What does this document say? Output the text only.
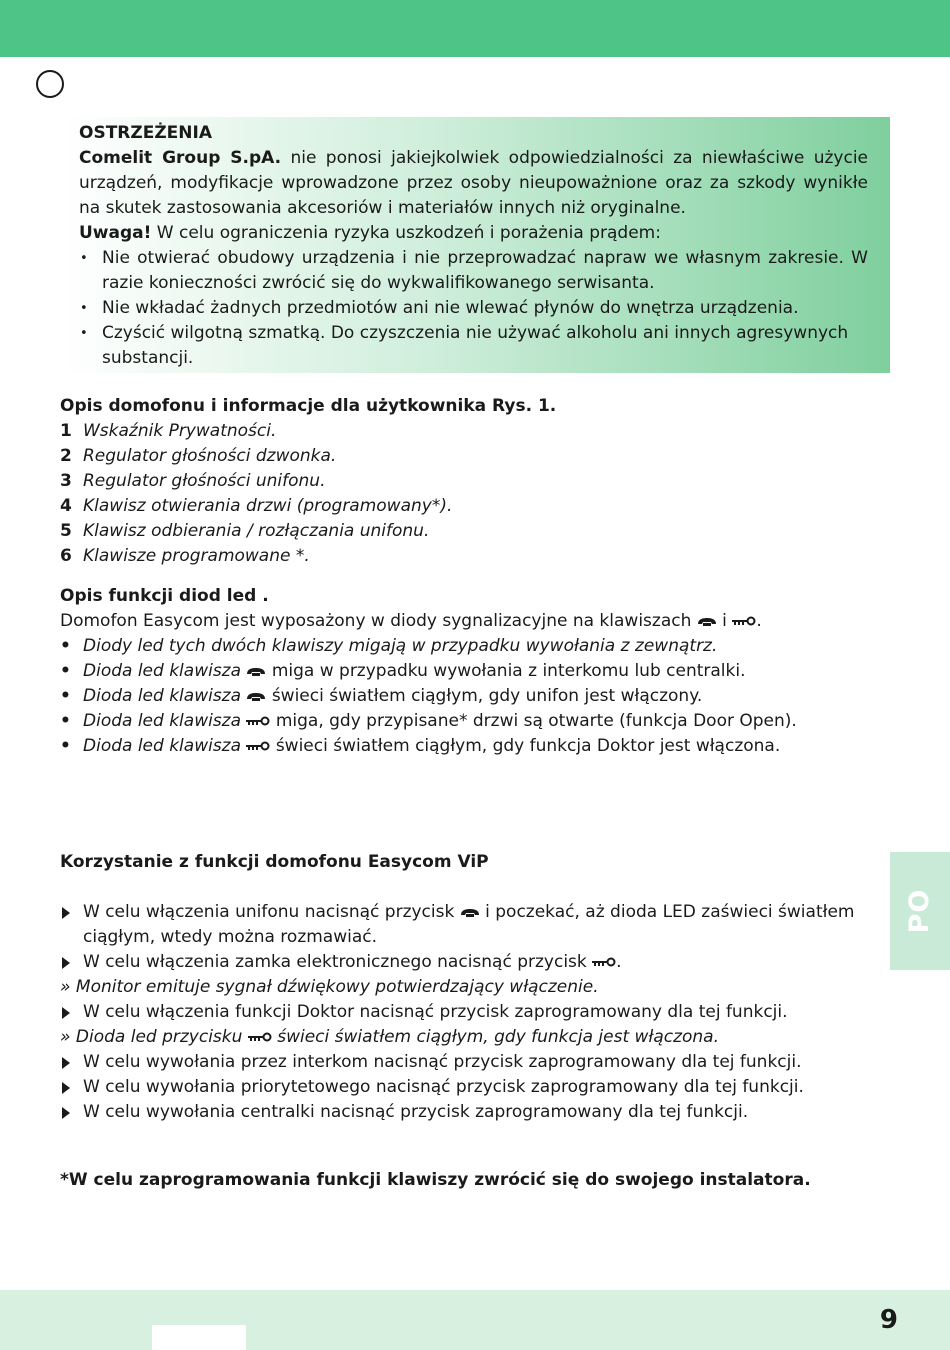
OSTRZEŻENIA

Comelit Group S.pA. nie ponosi jakiejkolwiek odpowiedzialności za niewłaściwe użycie urządzeń, modyfikacje wprowadzone przez osoby nieupoważnione oraz za szkody wynikłe na skutek zastosowania akcesoriów i materiałów innych niż oryginalne.

Uwaga! W celu ograniczenia ryzyka uszkodzeń i porażenia prądem:

• Nie otwierać obudowy urządzenia i nie przeprowadzać napraw we własnym zakresie. W razie konieczności zwrócić się do wykwalifikowanego serwisanta.

• Nie wkładać żadnych przedmiotów ani nie wlewać płynów do wnętrza urządzenia.

• Czyścić wilgotną szmatką. Do czyszczenia nie używać alkoholu ani innych agresywnych substancji.

Opis domofonu i informacje dla użytkownika Rys. 1.

1 Wskaźnik Prywatności.

2 Regulator głośności dzwonka.

3 Regulator głośności unifonu.

4 Klawisz otwierania drzwi (programowany*).

5 Klawisz odbierania / rozłączania unifonu.

6 Klawisze programowane *.

Opis funkcji diod led .

Domofon Easycom jest wyposażony w diody sygnalizacyjne na klawiszach  i .

• Diody led tych dwóch klawiszy migają w przypadku wywołania z zewnątrz.

• Dioda led klawisza  miga w przypadku wywołania z interkomu lub centralki.

• Dioda led klawisza  świeci światłem ciągłym, gdy unifon jest włączony.

• Dioda led klawisza  miga, gdy przypisane* drzwi są otwarte (funkcja Door Open).

• Dioda led klawisza  świeci światłem ciągłym, gdy funkcja Doktor jest włączona.

Korzystanie z funkcji domofonu Easycom ViP

W celu włączenia unifonu nacisnąć przycisk  i poczekać, aż dioda LED zaświeci światłem ciągłym, wtedy można rozmawiać.

W celu włączenia zamka elektronicznego nacisnąć przycisk .

» Monitor emituje sygnał dźwiękowy potwierdzający włączenie.

W celu włączenia funkcji Doktor nacisnąć przycisk zaprogramowany dla tej funkcji.

» Dioda led przycisku  świeci światłem ciągłym, gdy funkcja jest włączona.

W celu wywołania przez interkom nacisnąć przycisk zaprogramowany dla tej funkcji.

W celu wywołania priorytetowego nacisnąć przycisk zaprogramowany dla tej funkcji.

W celu wywołania centralki nacisnąć przycisk zaprogramowany dla tej funkcji.

*W celu zaprogramowania funkcji klawiszy zwrócić się do swojego instalatora.

PO
9
